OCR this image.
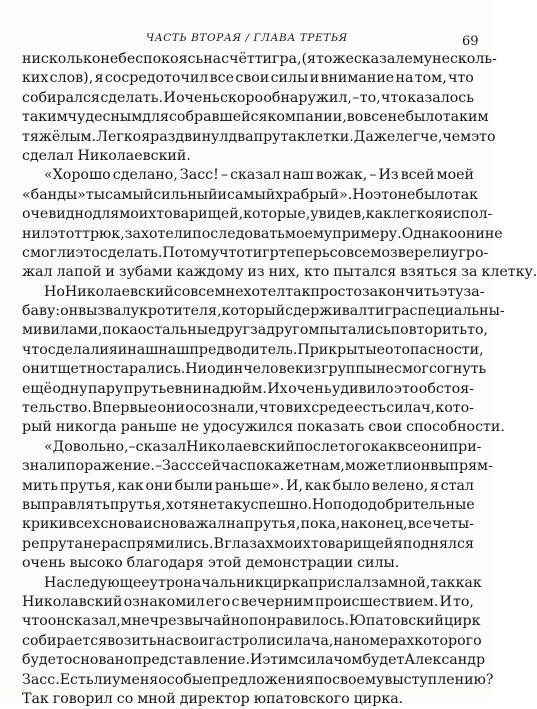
ЧАСТЬ ВТОРАЯ / ГЛАВА ТРЕТЬЯ	69
нисколько не беспокоясь насчёт тигра, (я тоже сказал ему несколь-
ких слов), я сосредоточил все свои силы и внимание на том, что
собирался сделать. И очень скоро обнаружил, – то, что казалось
таким чудесным для собравшейся компании, вовсе не было таким
тяжёлым. Легко я раздвинул два прута клетки. Даже легче, чем это
сделал Николаевский.
«Хорошо сделано, Засс! – сказал наш вожак, – Из всей моей
«банды» ты самый сильный и самый храбрый». Но это не было так
очевидно для моих товарищей, которые, увидев, как легко я испол-
нил этот трюк, захотели последовать моему примеру. Однако они не
смогли это сделать. Потому что тигр теперь совсем озверел и угро-
жал лапой и зубами каждому из них, кто пытался взяться за клетку.
Но Николаевский совсем не хотел так просто закончить эту за-
баву: он вызвал укротителя, который сдерживал тигра специальны-
ми вилами, пока остальные друг за другом пытались повторить то,
что сделали я и наш наш предводитель. Прикрытые от опасности,
они тщетно старались. Ни один человек из группы не смог согнуть
ещё одну пару прутьев ни на дюйм. Их очень удивило это обстоя-
тельство. Впервые они осознали, что в их среде есть силач, кото-
рый никогда раньше не удосужился показать свои способности.
«Довольно, – сказал Николаевский после того как все они при-
знали поражение. – Засс сейчас покажет нам, может ли он выпрям-
мить прутья, как они были раньше». И, как было велено, я стал
выправлять прутья, хотя не так успешно. Но под одобрительные
крики всех снова и снова жал на прутья, пока, наконец, все четы-
ре прута не распрямились. В глазах моих товарищей я поднялся
очень высоко благодаря этой демонстрации силы.
На следующее утро начальник цирка прислал за мной, так как
Николавский ознакомил его с вечерним происшествием. И то,
что он сказал, мне чрезвычайно понравилось. Юпатовский цирк
собирается возить на свои гастроли силача, на номерах которого
будет основано представление. И этим силачом будет Александр
Засс. Есть ли у меня особые предложения по своему выступлению?
Так говорил со мной директор юпатовского цирка.
